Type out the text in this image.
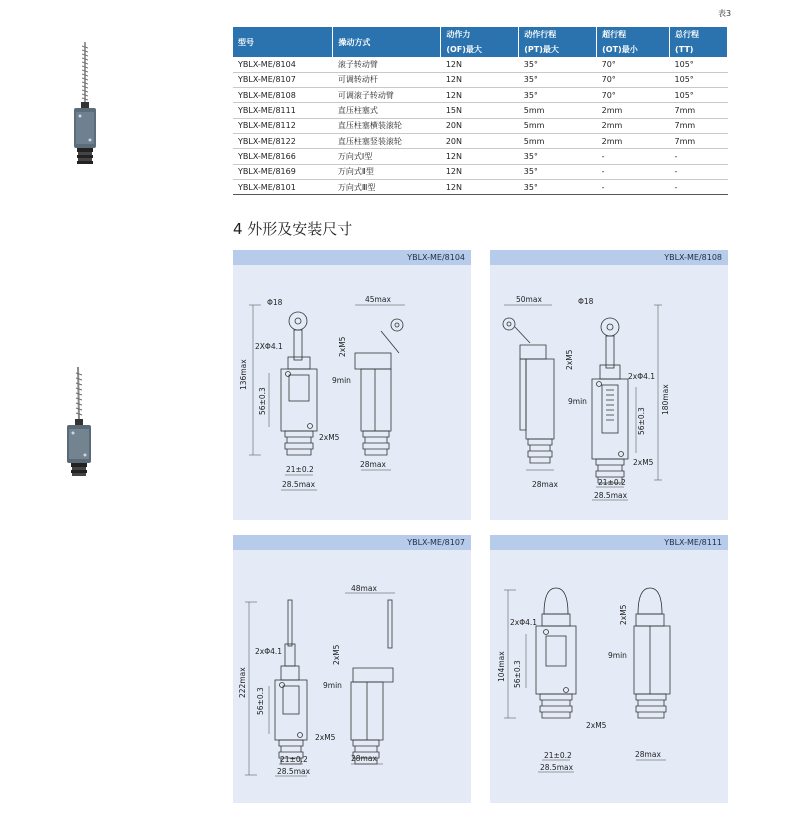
表3
型号	操动方式	动作力	动作行程	超行程	总行程
		(OF)最大	(PT)最大	(OT)最小	(TT)
YBLX-ME/8104	滚子转动臂	12N	35°	70°	105°
YBLX-ME/8107	可调转动杆	12N	35°	70°	105°
YBLX-ME/8108	可调滚子转动臂	12N	35°	70°	105°
YBLX-ME/8111	直压柱塞式	15N	5mm	2mm	7mm
YBLX-ME/8112	直压柱塞横装滚轮	20N	5mm	2mm	7mm
YBLX-ME/8122	直压柱塞竖装滚轮	20N	5mm	2mm	7mm
YBLX-ME/8166	万向式Ⅰ型	12N	35°	-	-
YBLX-ME/8169	万向式Ⅱ型	12N	35°	-	-
YBLX-ME/8101	万向式Ⅲ型	12N	35°	-	-
4 外形及安装尺寸
YBLX-ME/8104
Φ18	45max
2XΦ4.1
136max
56±0.3
2xM5
9min
2xM5
21±0.2
28.5max
28max
YBLX-ME/8108
50max	Φ18
2xM5
2xΦ4.1
9min	180max
56±0.3
2xM5
28max	21±0.2
28.5max
YBLX-ME/8107
48max
2xM5
2xΦ4.1
222max	9min
56±0.3
2xM5
21±0.2
28.5max
28max
YBLX-ME/8111
2xΦ4.1	2xM5
104max	9min
56±0.3
2xM5
21±0.2
28.5max
28max
